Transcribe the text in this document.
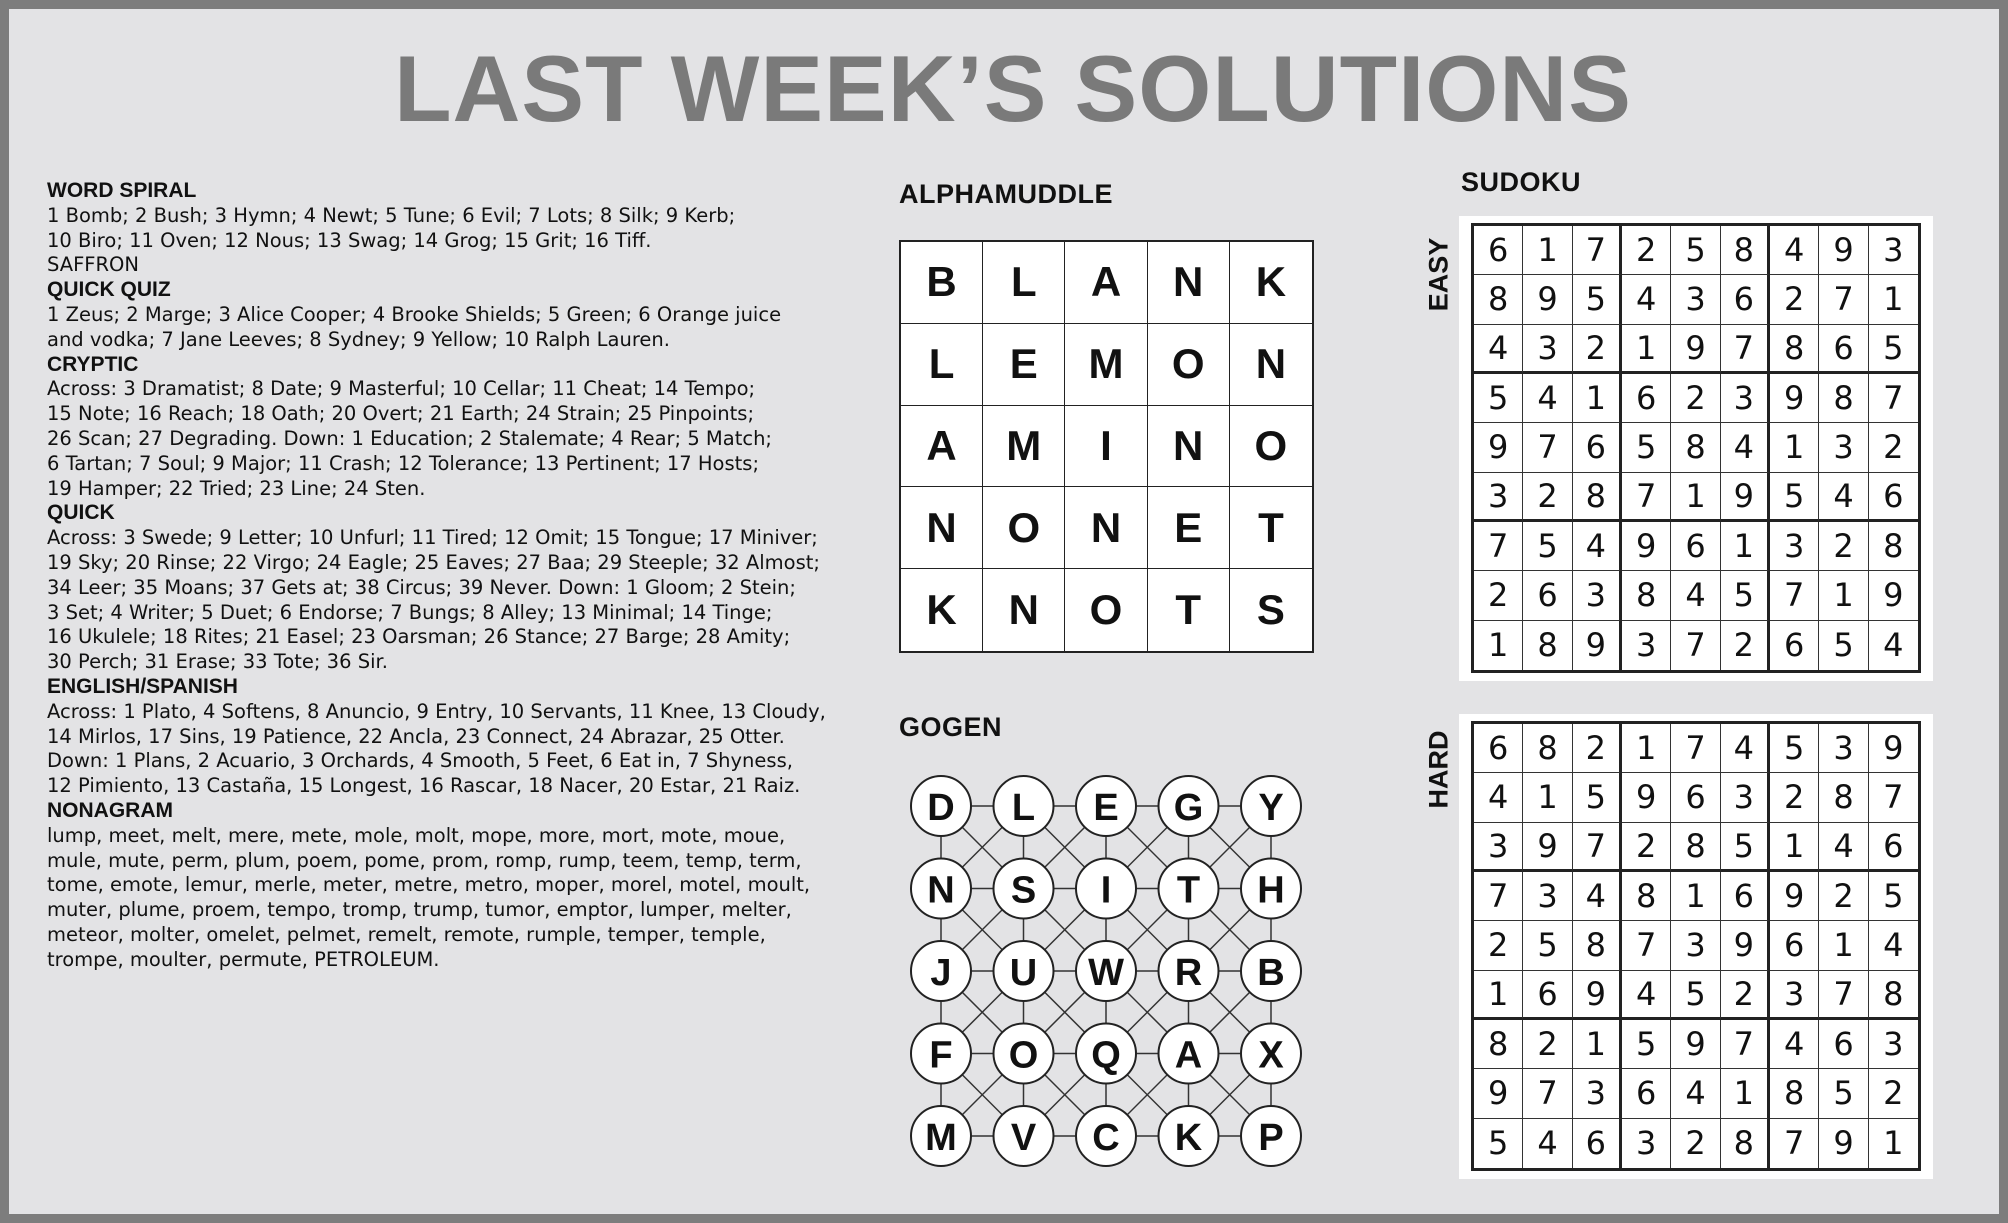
LAST WEEK’S SOLUTIONS
WORD SPIRAL
1 Bomb; 2 Bush; 3 Hymn; 4 Newt; 5 Tune; 6 Evil; 7 Lots; 8 Silk; 9 Kerb;
10 Biro; 11 Oven; 12 Nous; 13 Swag; 14 Grog; 15 Grit; 16 Tiff.
SAFFRON
QUICK QUIZ
1 Zeus; 2 Marge; 3 Alice Cooper; 4 Brooke Shields; 5 Green; 6 Orange juice
and vodka; 7 Jane Leeves; 8 Sydney; 9 Yellow; 10 Ralph Lauren.
CRYPTIC
Across: 3 Dramatist; 8 Date; 9 Masterful; 10 Cellar; 11 Cheat; 14 Tempo;
15 Note; 16 Reach; 18 Oath; 20 Overt; 21 Earth; 24 Strain; 25 Pinpoints;
26 Scan; 27 Degrading. Down: 1 Education; 2 Stalemate; 4 Rear; 5 Match;
6 Tartan; 7 Soul; 9 Major; 11 Crash; 12 Tolerance; 13 Pertinent; 17 Hosts;
19 Hamper; 22 Tried; 23 Line; 24 Sten.
QUICK
Across: 3 Swede; 9 Letter; 10 Unfurl; 11 Tired; 12 Omit; 15 Tongue; 17 Miniver;
19 Sky; 20 Rinse; 22 Virgo; 24 Eagle; 25 Eaves; 27 Baa; 29 Steeple; 32 Almost;
34 Leer; 35 Moans; 37 Gets at; 38 Circus; 39 Never. Down: 1 Gloom; 2 Stein;
3 Set; 4 Writer; 5 Duet; 6 Endorse; 7 Bungs; 8 Alley; 13 Minimal; 14 Tinge;
16 Ukulele; 18 Rites; 21 Easel; 23 Oarsman; 26 Stance; 27 Barge; 28 Amity;
30 Perch; 31 Erase; 33 Tote; 36 Sir.
ENGLISH/SPANISH
Across: 1 Plato, 4 Softens, 8 Anuncio, 9 Entry, 10 Servants, 11 Knee, 13 Cloudy,
14 Mirlos, 17 Sins, 19 Patience, 22 Ancla, 23 Connect, 24 Abrazar, 25 Otter.
Down: 1 Plans, 2 Acuario, 3 Orchards, 4 Smooth, 5 Feet, 6 Eat in, 7 Shyness,
12 Pimiento, 13 Castaña, 15 Longest, 16 Rascar, 18 Nacer, 20 Estar, 21 Raiz.
NONAGRAM
lump, meet, melt, mere, mete, mole, molt, mope, more, mort, mote, moue,
mule, mute, perm, plum, poem, pome, prom, romp, rump, teem, temp, term,
tome, emote, lemur, merle, meter, metre, metro, moper, morel, motel, moult,
muter, plume, proem, tempo, tromp, trump, tumor, emptor, lumper, melter,
meteor, molter, omelet, pelmet, remelt, remote, rumple, temper, temple,
trompe, moulter, permute, PETROLEUM.
ALPHAMUDDLE
B	L	A	N	K
L	E	M	O	N
A	M	I	N	O
N	O	N	E	T
K	N	O	T	S
GOGEN
D L E G Y
N S I T H
J U W R B
F O Q A X
M V C K P
SUDOKU
EASY	6 1 7 2 5 8 4 9 3
8 9 5 4 3 6 2 7 1
4 3 2 1 9 7 8 6 5
5 4 1 6 2 3 9 8 7
9 7 6 5 8 4 1 3 2
3 2 8 7 1 9 5 4 6
7 5 4 9 6 1 3 2 8
2 6 3 8 4 5 7 1 9
1 8 9 3 7 2 6 5 4
HARD	6 8 2 1 7 4 5 3 9
4 1 5 9 6 3 2 8 7
3 9 7 2 8 5 1 4 6
7 3 4 8 1 6 9 2 5
2 5 8 7 3 9 6 1 4
1 6 9 4 5 2 3 7 8
8 2 1 5 9 7 4 6 3
9 7 3 6 4 1 8 5 2
5 4 6 3 2 8 7 9 1
